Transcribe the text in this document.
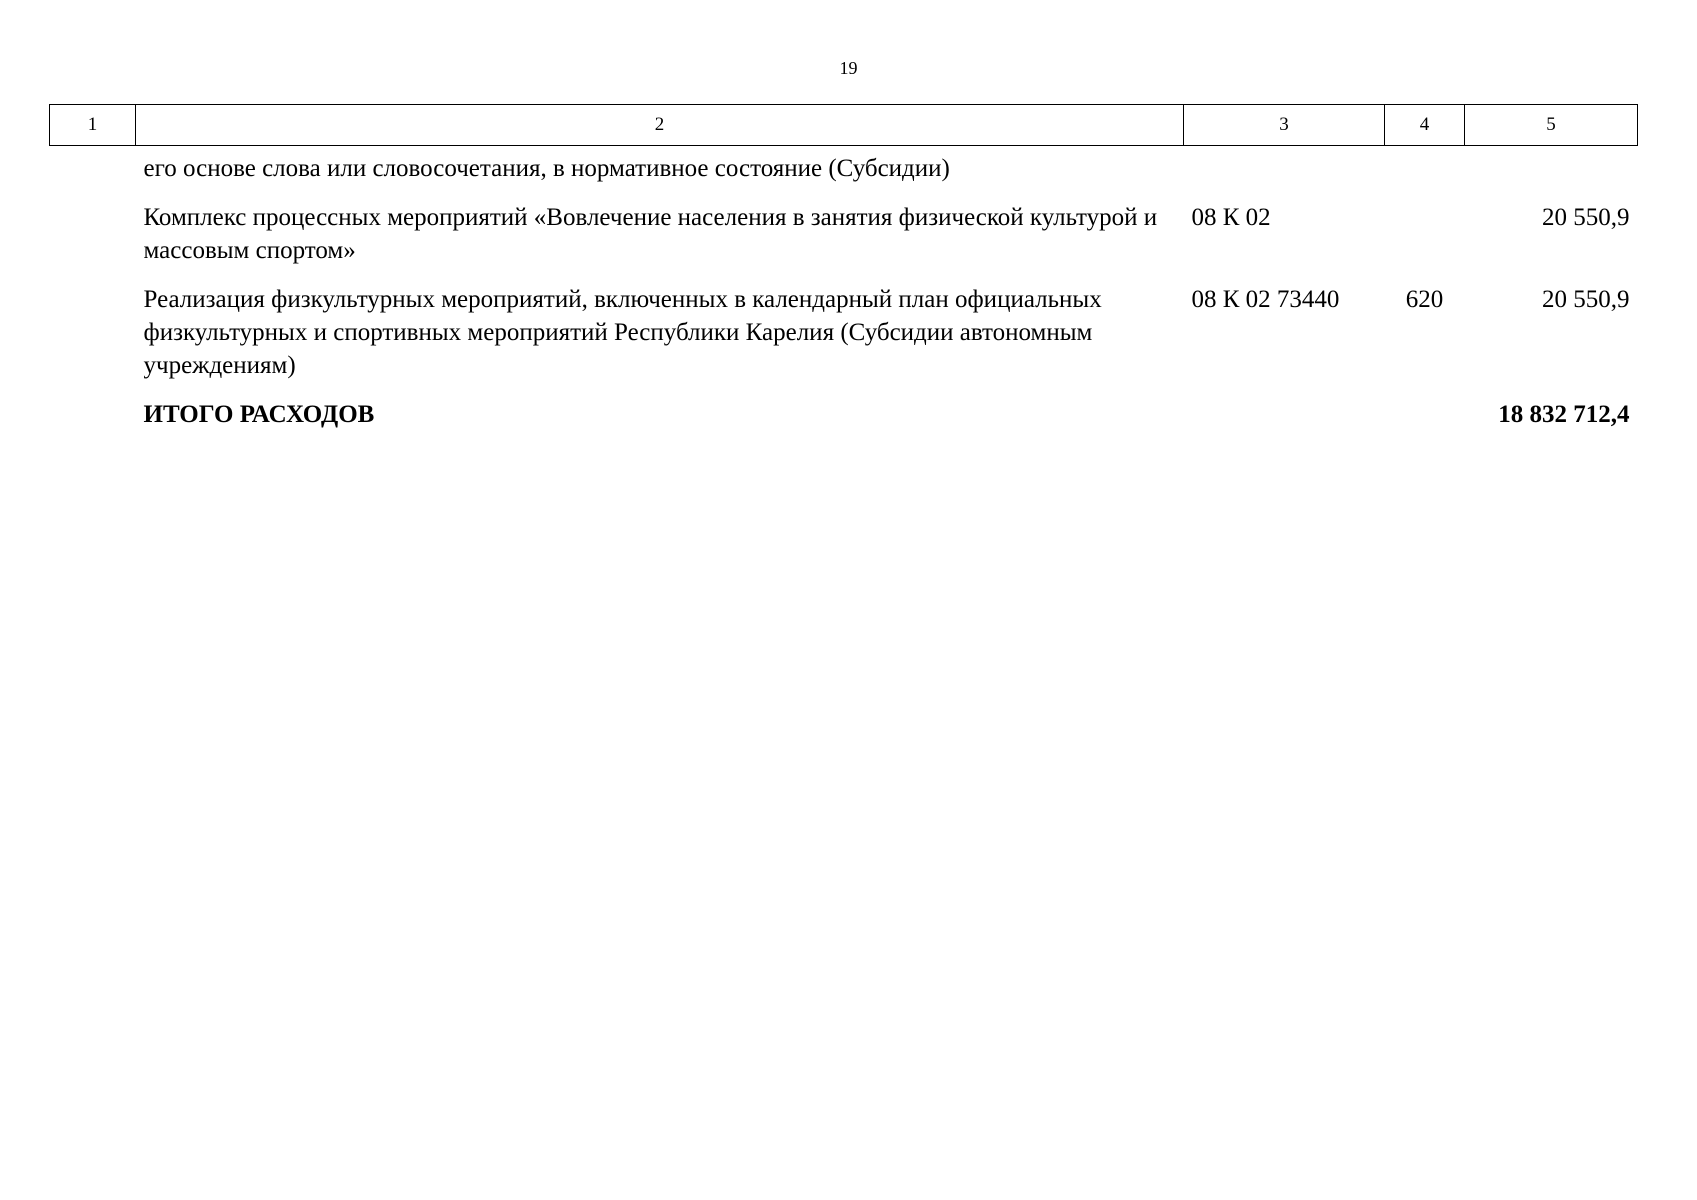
19
1	2	3	4	5
	его основе слова или словосочетания, в нормативное состояние (Субсидии)			
	Комплекс процессных мероприятий «Вовлечение населения в занятия физической культурой и массовым спортом»	08 К 02		20 550,9
	Реализация физкультурных мероприятий, включенных в календарный план официальных физкультурных и спортивных мероприятий Республики Карелия (Субсидии автономным учреждениям)	08 К 02 73440	620	20 550,9
	ИТОГО РАСХОДОВ			18 832 712,4
